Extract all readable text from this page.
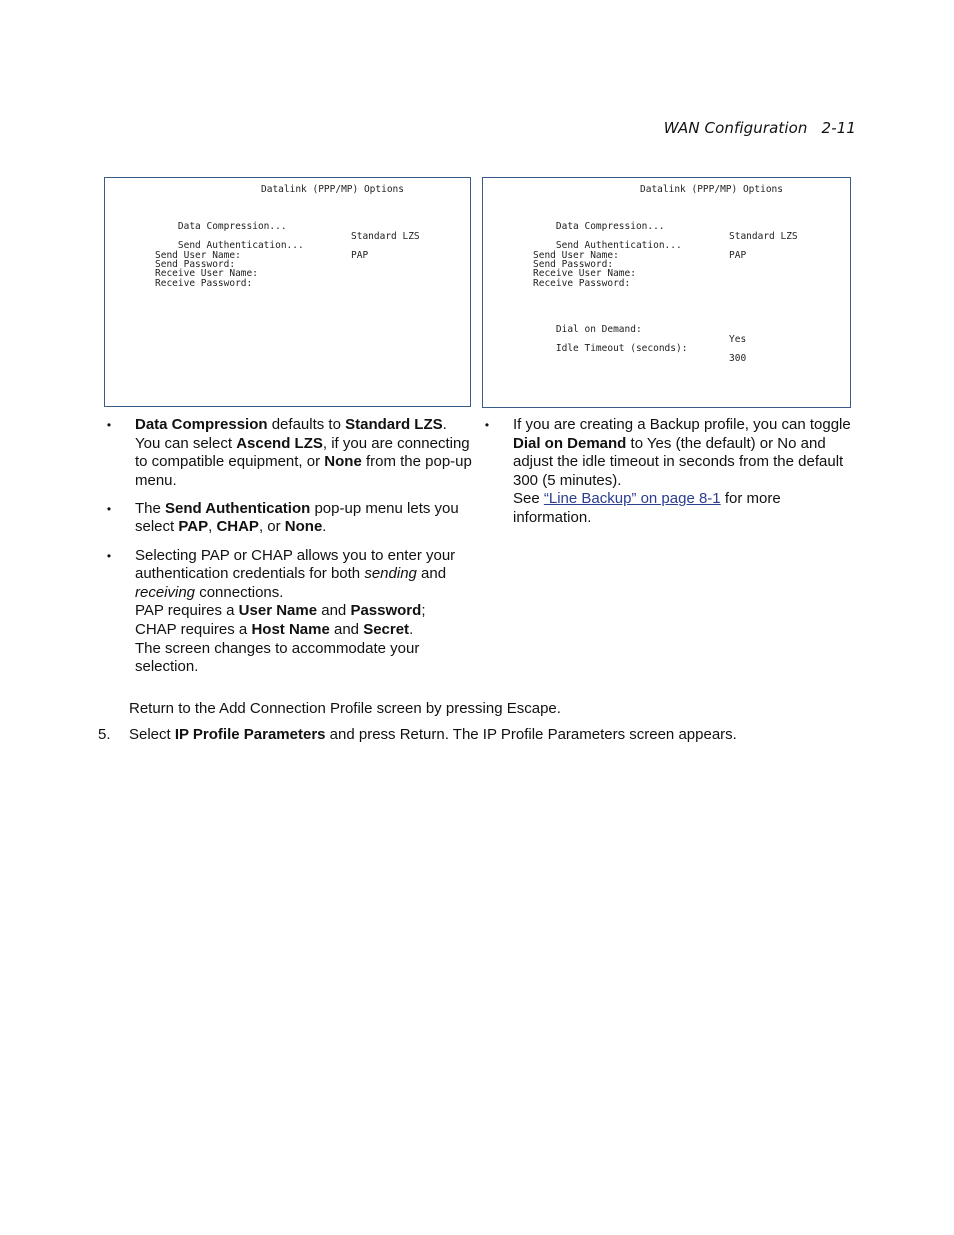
WAN Configuration 2-11
Datalink (PPP/MP) Options

Data Compression...

Standard LZS

Send Authentication...

PAP

Send User Name:
Send Password:
Receive User Name:
Receive Password:
Datalink (PPP/MP) Options

Data Compression...

Standard LZS

Send Authentication...

PAP

Send User Name:
Send Password:
Receive User Name:
Receive Password:

Dial on Demand:

Yes

Idle Timeout (seconds):

300

• Data Compression defaults to Standard LZS. You can select Ascend LZS, if you are connecting to compatible equipment, or None from the pop-up menu.

• The Send Authentication pop-up menu lets you select PAP, CHAP, or None.

• Selecting PAP or CHAP allows you to enter your authentication credentials for both sending and receiving connections.

PAP requires a User Name and Password;

CHAP requires a Host Name and Secret.

The screen changes to accommodate your selection.

• If you are creating a Backup profile, you can toggle Dial on Demand to Yes (the default) or No and adjust the idle timeout in seconds from the default 300 (5 minutes).

See “Line Backup” on page 8-1 for more information.

Return to the Add Connection Profile screen by pressing Escape.
5. Select IP Profile Parameters and press Return. The IP Profile Parameters screen appears.
